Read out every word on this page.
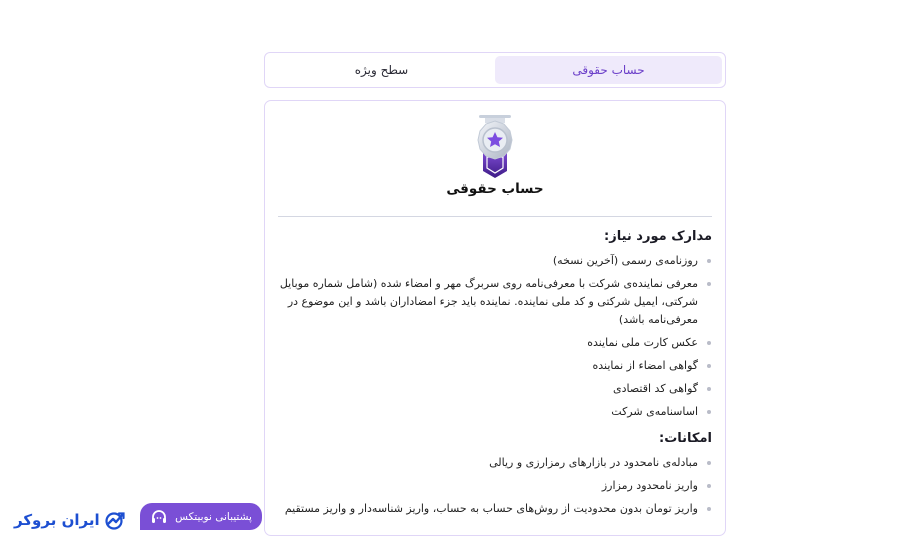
حساب حقوقی
سطح ویژه
حساب حقوقی
مدارک مورد نیاز:
روزنامه‌ی رسمی (آخرین نسخه)
معرفی نماینده‌ی شرکت با معرفی‌نامه روی سربرگ مهر و امضاء شده (شامل شماره موبایل شرکتی، ایمیل شرکتی و کد ملی نماینده. نماینده باید جزء امضاداران باشد و این موضوع در معرفی‌نامه باشد)
عکس کارت ملی نماینده
گواهی امضاء از نماینده
گواهی کد اقتصادی
اساسنامه‌ی شرکت
امکانات:
مبادله‌ی نامحدود در بازارهای رمزارزی و ریالی
واریز نامحدود رمزارز
واریز تومان بدون محدودیت از روش‌های حساب به حساب، واریز شناسه‌دار و واریز مستقیم
پشتیبانی نوبیتکس
ایران بروکر
